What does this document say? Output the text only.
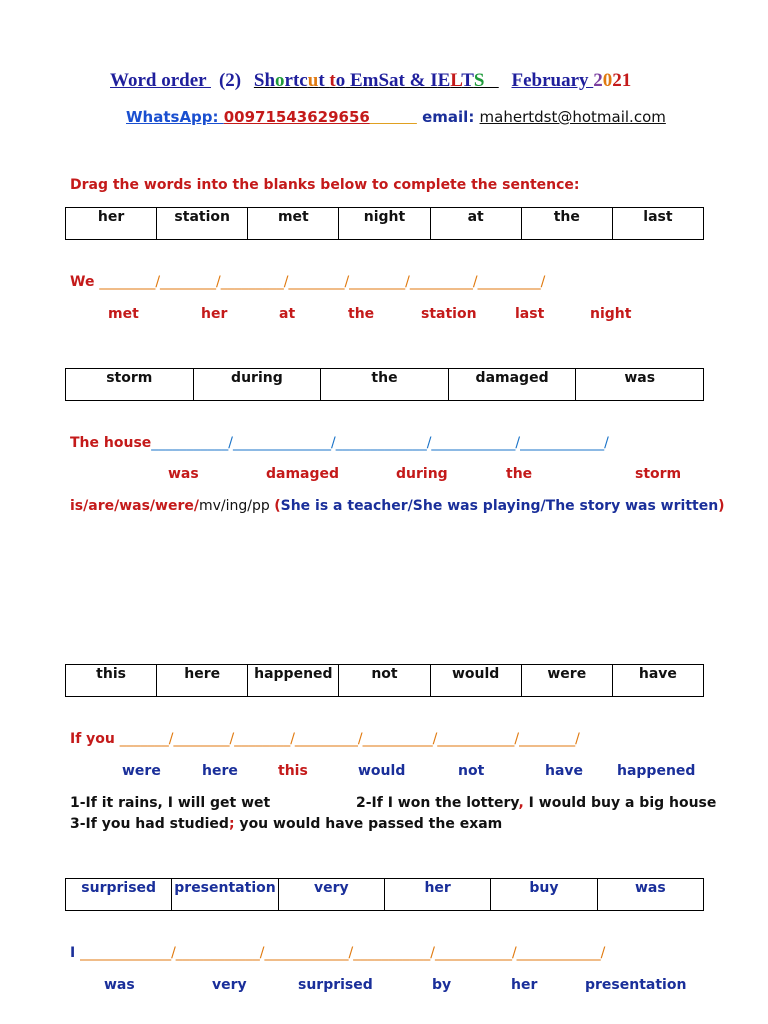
Word order (2) Shortcut to EmSat & IELTS February 2021
WhatsApp: 00971543629656	email: mahertdst@hotmail.com
Drag the words into the blanks below to complete the sentence:
her	station	met	night	at	the	last
We ________/________/_________/________/________/_________/_________/
met	her	at	the	station	last	night
storm	during	the	damaged	was
The house___________/______________/_____________/____________/____________/
was	damaged	during	the	storm
is/are/was/were/mv/ing/pp (She is a teacher/She was playing/The story was written)
this	here	happened	not	would	were	have
If you _______/________/________/_________/__________/___________/________/
were	here	this	would	not	have happened
1-If it rains, I will get wet	2-If I won the lottery, I would buy a big house
3-If you had studied; you would have passed the exam
surprised	presentation	very	her	buy	was
I _____________/____________/____________/___________/___________/____________/
was	very	surprised	by	her	presentation
